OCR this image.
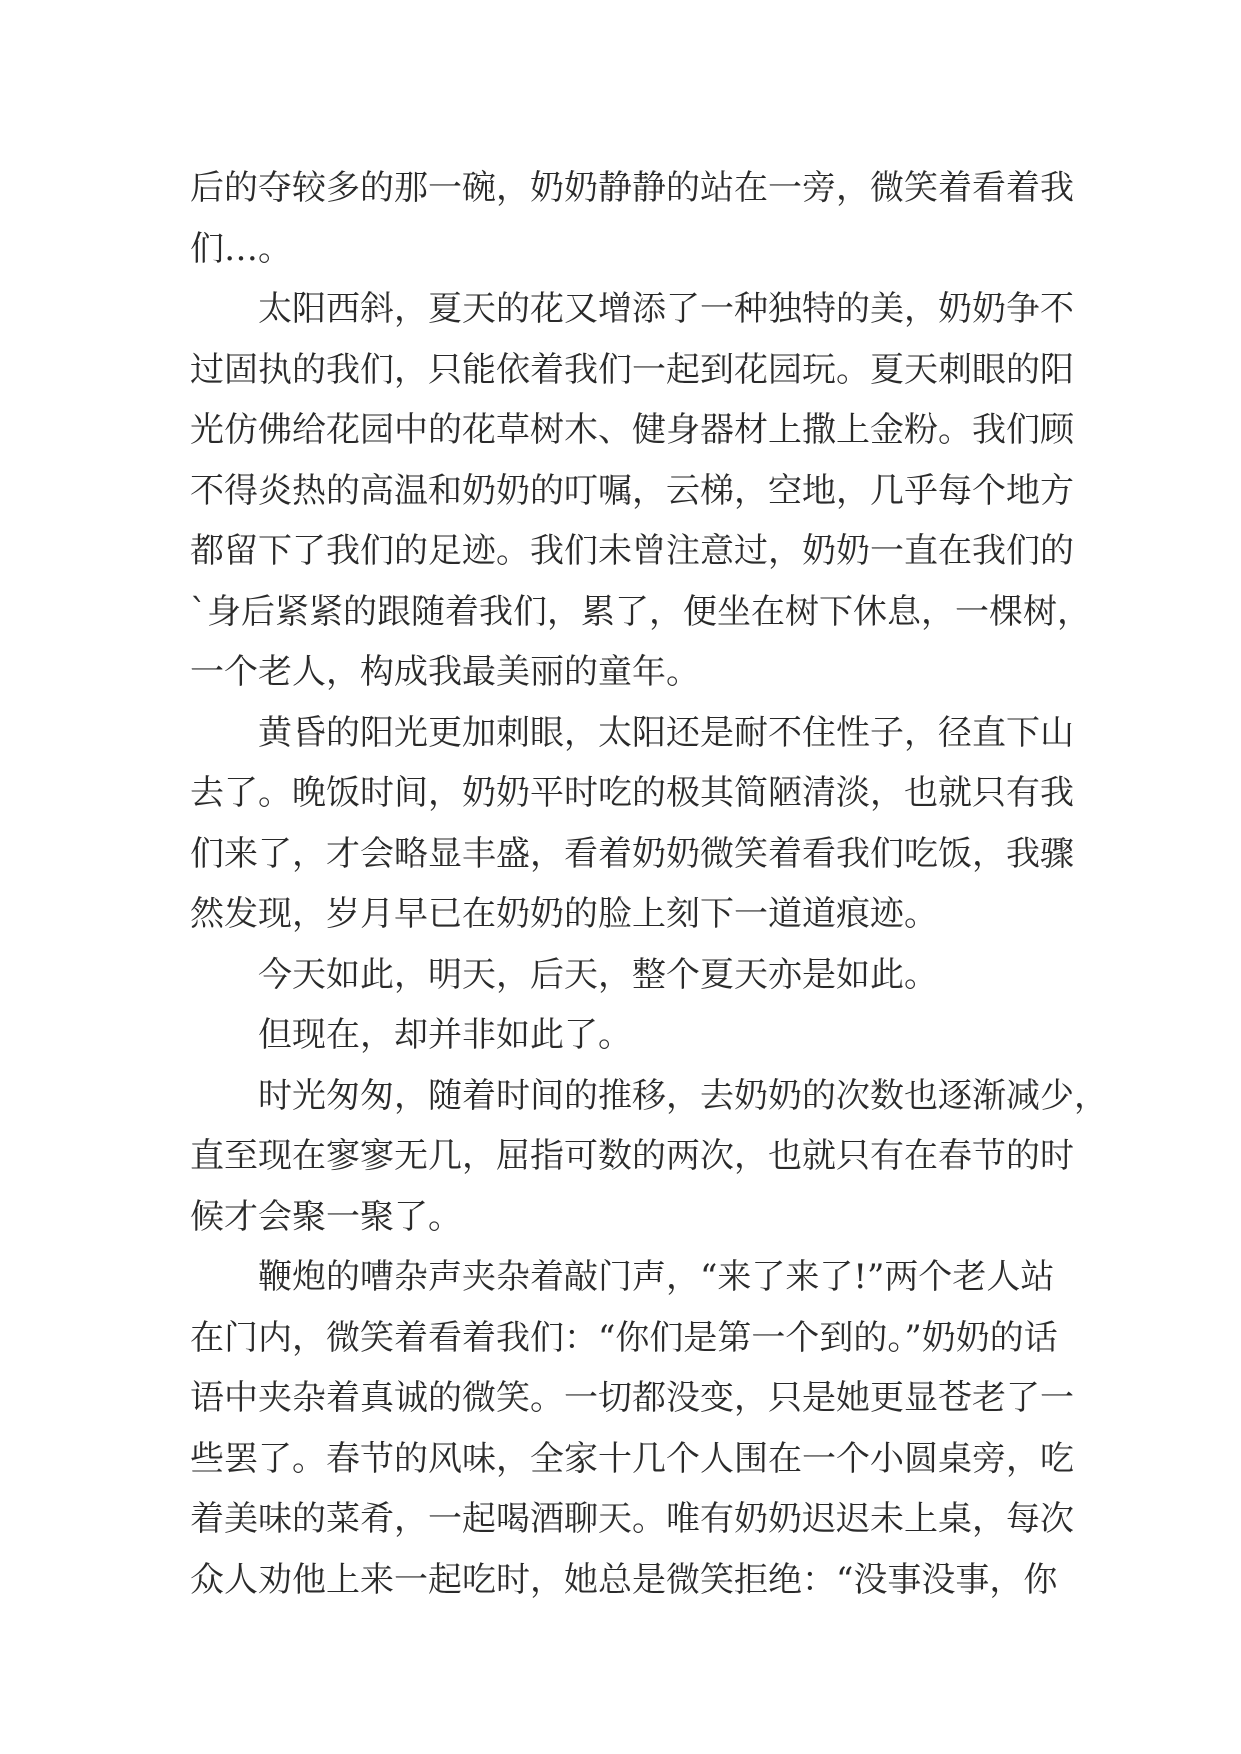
后的夺较多的那一碗，奶奶静静的站在一旁，微笑着看着我
们…。
太阳西斜，夏天的花又增添了一种独特的美，奶奶争不
过固执的我们，只能依着我们一起到花园玩。夏天刺眼的阳
光仿佛给花园中的花草树木、健身器材上撒上金粉。我们顾
不得炎热的高温和奶奶的叮嘱，云梯，空地，几乎每个地方
都留下了我们的足迹。我们未曾注意过，奶奶一直在我们的
`身后紧紧的跟随着我们，累了，便坐在树下休息，一棵树，
一个老人，构成我最美丽的童年。
黄昏的阳光更加刺眼，太阳还是耐不住性子，径直下山
去了。晚饭时间，奶奶平时吃的极其简陋清淡，也就只有我
们来了，才会略显丰盛，看着奶奶微笑着看我们吃饭，我骤
然发现，岁月早已在奶奶的脸上刻下一道道痕迹。
今天如此，明天，后天，整个夏天亦是如此。
但现在，却并非如此了。
时光匆匆，随着时间的推移，去奶奶的次数也逐渐减少，
直至现在寥寥无几，屈指可数的两次，也就只有在春节的时
候才会聚一聚了。
鞭炮的嘈杂声夹杂着敲门声，“来了来了!”两个老人站
在门内，微笑着看着我们：“你们是第一个到的。”奶奶的话
语中夹杂着真诚的微笑。一切都没变，只是她更显苍老了一
些罢了。春节的风味，全家十几个人围在一个小圆桌旁，吃
着美味的菜肴，一起喝酒聊天。唯有奶奶迟迟未上桌，每次
众人劝他上来一起吃时，她总是微笑拒绝：“没事没事，你
